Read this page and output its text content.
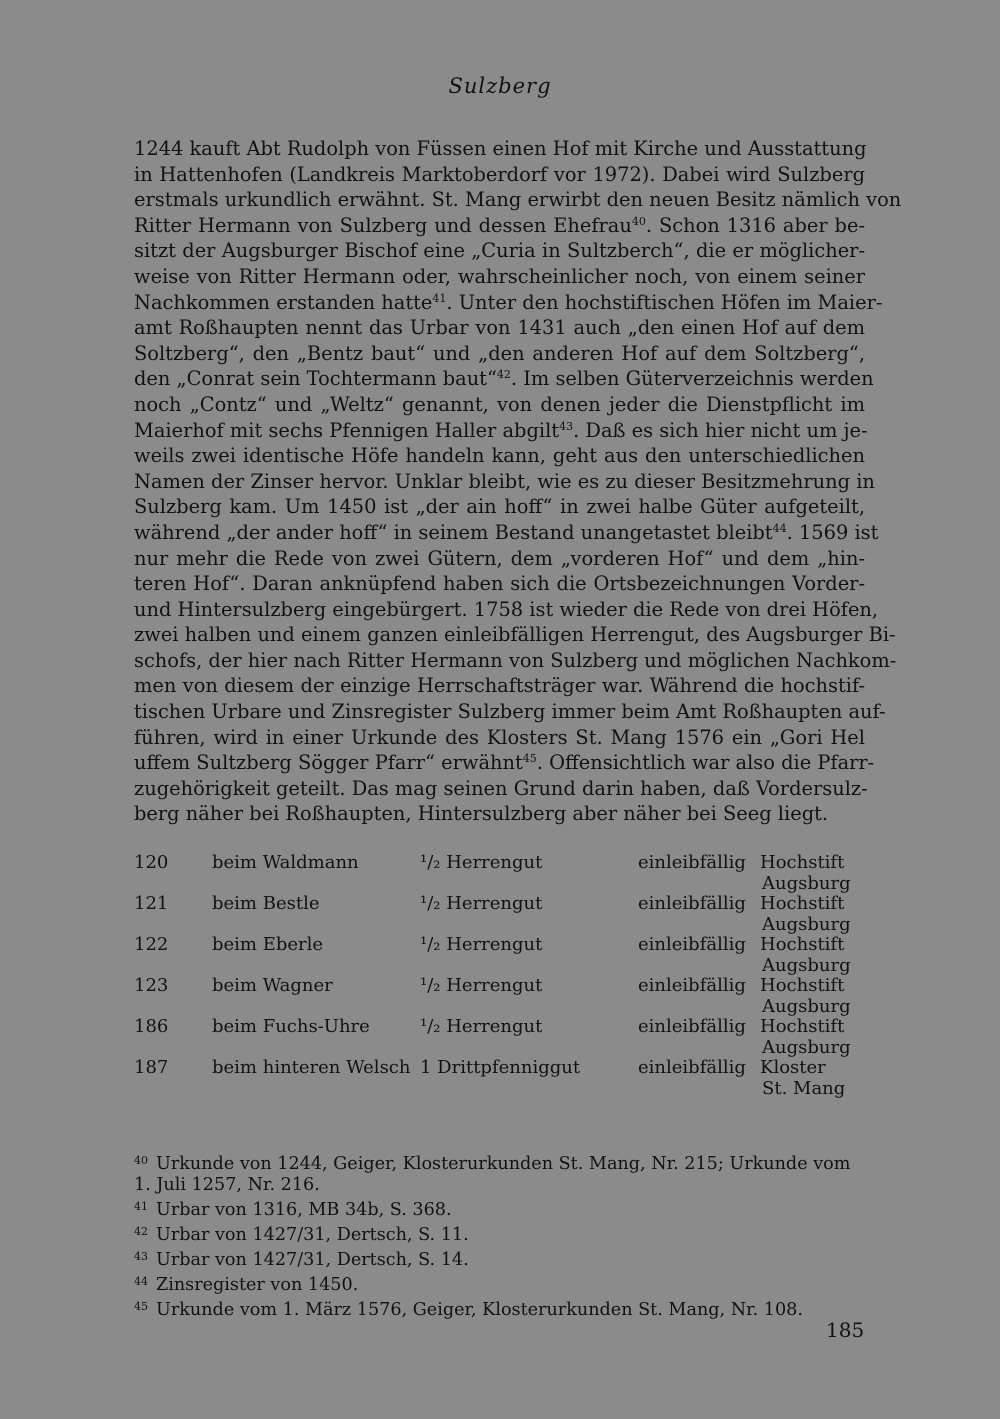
Sulzberg
1244 kauft Abt Rudolph von Füssen einen Hof mit Kirche und Ausstattung
in Hattenhofen (Landkreis Marktoberdorf vor 1972). Dabei wird Sulzberg
erstmals urkundlich erwähnt. St. Mang erwirbt den neuen Besitz nämlich von
Ritter Hermann von Sulzberg und dessen Ehefrau$^{40}$. Schon 1316 aber be-
sitzt der Augsburger Bischof eine „Curia in Sultzberch“, die er möglicher-
weise von Ritter Hermann oder, wahrscheinlicher noch, von einem seiner
Nachkommen erstanden hatte$^{41}$. Unter den hochstiftischen Höfen im Maier-
amt Roßhaupten nennt das Urbar von 1431 auch „den einen Hof auf dem
Soltzberg“, den „Bentz baut“ und „den anderen Hof auf dem Soltzberg“,
den „Conrat sein Tochtermann baut“$^{42}$. Im selben Güterverzeichnis werden
noch „Contz“ und „Weltz“ genannt, von denen jeder die Dienstpflicht im
Maierhof mit sechs Pfennigen Haller abgilt$^{43}$. Daß es sich hier nicht um je-
weils zwei identische Höfe handeln kann, geht aus den unterschiedlichen
Namen der Zinser hervor. Unklar bleibt, wie es zu dieser Besitzmehrung in
Sulzberg kam. Um 1450 ist „der ain hoff“ in zwei halbe Güter aufgeteilt,
während „der ander hoff“ in seinem Bestand unangetastet bleibt$^{44}$. 1569 ist
nur mehr die Rede von zwei Gütern, dem „vorderen Hof“ und dem „hin-
teren Hof“. Daran anknüpfend haben sich die Ortsbezeichnungen Vorder-
und Hintersulzberg eingebürgert. 1758 ist wieder die Rede von drei Höfen,
zwei halben und einem ganzen einleibfälligen Herrengut, des Augsburger Bi-
schofs, der hier nach Ritter Hermann von Sulzberg und möglichen Nachkom-
men von diesem der einzige Herrschaftsträger war. Während die hochstif-
tischen Urbare und Zinsregister Sulzberg immer beim Amt Roßhaupten auf-
führen, wird in einer Urkunde des Klosters St. Mang 1576 ein „Gori Hel
uffem Sultzberg Sögger Pfarr“ erwähnt$^{45}$. Offensichtlich war also die Pfarr-
zugehörigkeit geteilt. Das mag seinen Grund darin haben, daß Vordersulz-
berg näher bei Roßhaupten, Hintersulzberg aber näher bei Seeg liegt.
120 beim Waldmann	¹/₂ Herrengut	einleibfällig Hochstift
Augsburg
121 beim Bestle	¹/₂ Herrengut	einleibfällig Hochstift
Augsburg
122 beim Eberle	¹/₂ Herrengut	einleibfällig Hochstift
Augsburg
123 beim Wagner	¹/₂ Herrengut	einleibfällig Hochstift
Augsburg
186 beim Fuchs-Uhre	¹/₂ Herrengut	einleibfällig Hochstift
Augsburg
187 beim hinteren Welsch 1 Drittpfenniggut	einleibfällig Kloster
St. Mang
40 Urkunde von 1244, Geiger, Klosterurkunden St. Mang, Nr. 215; Urkunde vom
1. Juli 1257, Nr. 216.
41 Urbar von 1316, MB 34b, S. 368.
42 Urbar von 1427/31, Dertsch, S. 11.
43 Urbar von 1427/31, Dertsch, S. 14.
44 Zinsregister von 1450.
45 Urkunde vom 1. März 1576, Geiger, Klosterurkunden St. Mang, Nr. 108.
185
